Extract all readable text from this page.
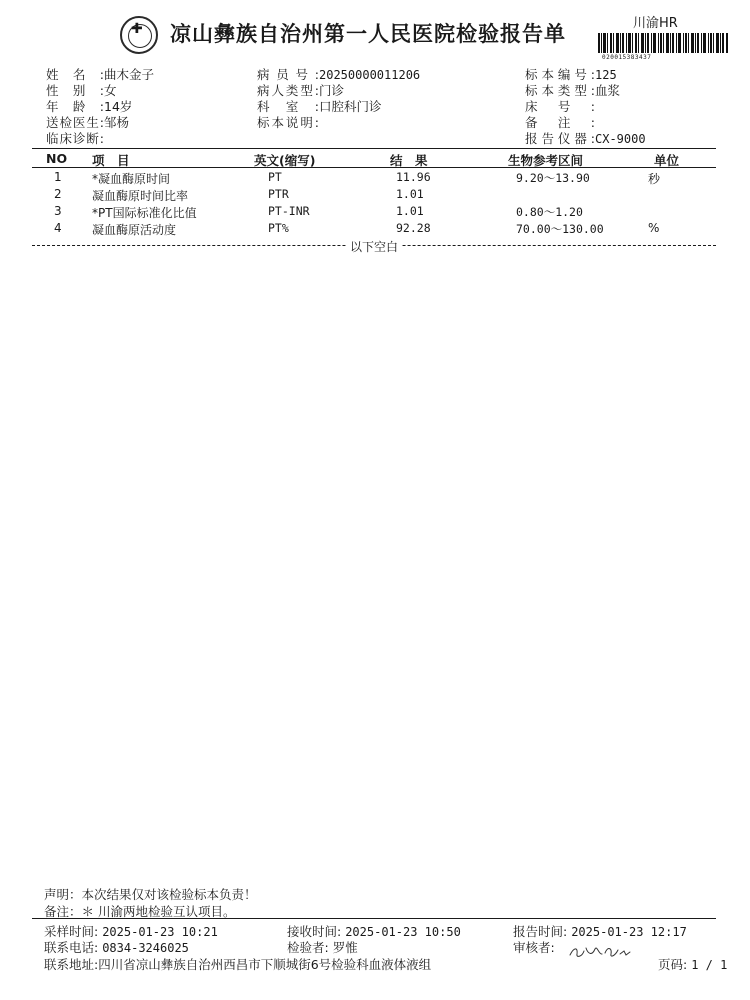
✚ 凉山彝族自治州第一人民医院检验报告单	川渝HR
020015383437
姓名:曲木金子
性别:女
年龄:14岁
送检医生:邹杨
临床诊断:
病员号:20250000011206
病人类型:门诊
科室:口腔科门诊
标本说明:
标本编号:125
标本类型:血浆
床号:
备注:
报告仪器:CX-9000
NO 项　目	英文(缩写)	结　果	生物参考区间	单位
1	*凝血酶原时间	PT	11.96	9.20～13.90	秒
2	凝血酶原时间比率	PTR	1.01
3	*PT国际标准化比值	PT-INR	1.01	0.80～1.20
4	凝血酶原活动度	PT%	92.28	70.00～130.00	%
以下空白
声明：本次结果仅对该检验标本负责！
备注：＊ 川渝两地检验互认项目。
采样时间: 2025-01-23 10:21	接收时间: 2025-01-23 10:50	报告时间: 2025-01-23 12:17
联系电话: 0834-3246025	检验者: 罗惟	审核者:
联系地址:四川省凉山彝族自治州西昌市下顺城街6号检验科血液体液组	页码: 1 / 1
